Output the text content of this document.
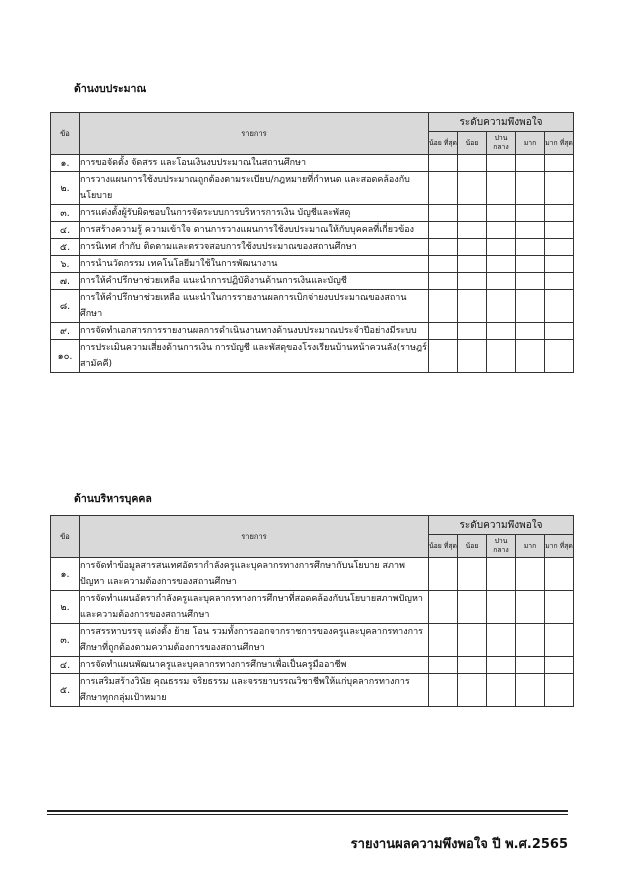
ด้านงบประมาณ
ข้อ	รายการ	ระดับความพึงพอใจ				
		น้อย ที่สุด	น้อย	ปาน กลาง	มาก	มาก ที่สุด
๑.	การขอจัดตั้ง จัดสรร และโอนเงินงบประมาณในสถานศึกษา					
๒.	การวางแผนการใช้งบประมาณถูกต้องตามระเบียบ/กฎหมายที่กำหนด และสอดคล้องกับนโยบาย					
๓.	การแต่งตั้งผู้รับผิดชอบในการจัดระบบการบริหารการเงิน บัญชีและพัสดุ					
๔.	การสร้างความรู้ ความเข้าใจ ดานการวางแผนการใช้งบประมาณให้กับบุคคลที่เกี่ยวข้อง					
๕.	การนิเทศ กำกับ ติดตามและตรวจสอบการใช้งบประมาณของสถานศึกษา					
๖.	การนำนวัตกรรม เทคโนโลยีมาใช้ในการพัฒนางาน					
๗.	การให้คำปรึกษาช่วยเหลือ แนะนำการปฏิบัติงานด้านการเงินและบัญชี					
๘.	การให้คำปรึกษาช่วยเหลือ แนะนำในการรายงานผลการเบิกจ่ายงบประมาณของสถานศึกษา					
๙.	การจัดทำเอกสารการรายงานผลการดำเนินงานทางด้านงบประมาณประจำปีอย่างมีระบบ					
๑๐.	การประเมินความเสี่ยงด้านการเงิน การบัญชี และพัสดุของโรงเรียนบ้านหน้าควนลัง(ราษฎร์สามัคคี)					
ด้านบริหารบุคคล
ข้อ	รายการ	ระดับความพึงพอใจ				
		น้อย ที่สุด	น้อย	ปาน กลาง	มาก	มาก ที่สุด
๑.	การจัดทำข้อมูลสารสนเทศอัตรากำลังครูและบุคลากรทางการศึกษากับนโยบาย สภาพปัญหา และความต้องการของสถานศึกษา					
๒.	การจัดทำแผนอัตรากำลังครูและบุคลากรทางการศึกษาที่สอดคล้องกับนโยบายสภาพปัญหา และความต้องการของสถานศึกษา					
๓.	การสรรหาบรรจุ แต่งตั้ง ย้าย โอน รวมทั้งการออกจากราชการของครูและบุคลากรทางการศึกษาที่ถูกต้องตามความต้องการของสถานศึกษา					
๔.	การจัดทำแผนพัฒนาครูและบุคลากรทางการศึกษาเพื่อเป็นครูมืออาชีพ					
๕.	การเสริมสร้างวินัย คุณธรรม จริยธรรม และจรรยาบรรณวิชาชีพให้แก่บุคลากรทางการศึกษาทุกกลุ่มเป้าหมาย					
รายงานผลความพึงพอใจ ปี พ.ศ.2565
